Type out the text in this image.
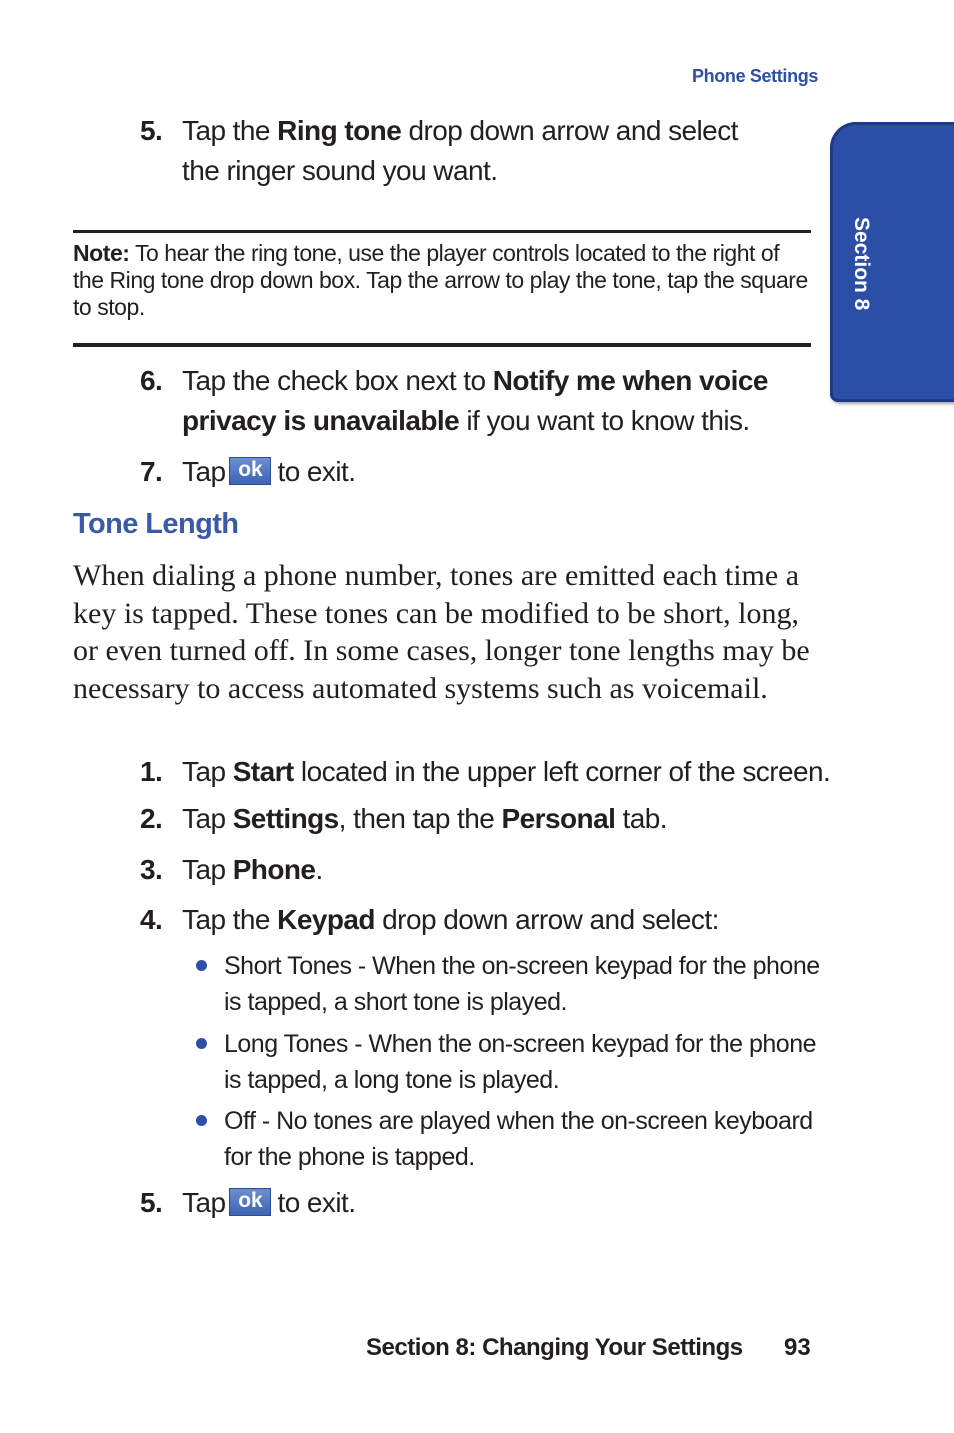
Phone Settings
Section 8
5. Tap the Ring tone drop down arrow and select the ringer sound you want.
Note: To hear the ring tone, use the player controls located to the right of the Ring tone drop down box. Tap the arrow to play the tone, tap the square to stop.
6. Tap the check box next to Notify me when voice privacy is unavailable if you want to know this.
7. Tap ok to exit.
Tone Length
When dialing a phone number, tones are emitted each time a key is tapped. These tones can be modified to be short, long, or even turned off. In some cases, longer tone lengths may be necessary to access automated systems such as voicemail.
1. Tap Start located in the upper left corner of the screen.
2. Tap Settings, then tap the Personal tab.
3. Tap Phone.
4. Tap the Keypad drop down arrow and select:
Short Tones - When the on-screen keypad for the phone is tapped, a short tone is played.
Long Tones - When the on-screen keypad for the phone is tapped, a long tone is played.
Off - No tones are played when the on-screen keyboard for the phone is tapped.
5. Tap ok to exit.
Section 8: Changing Your Settings 93
